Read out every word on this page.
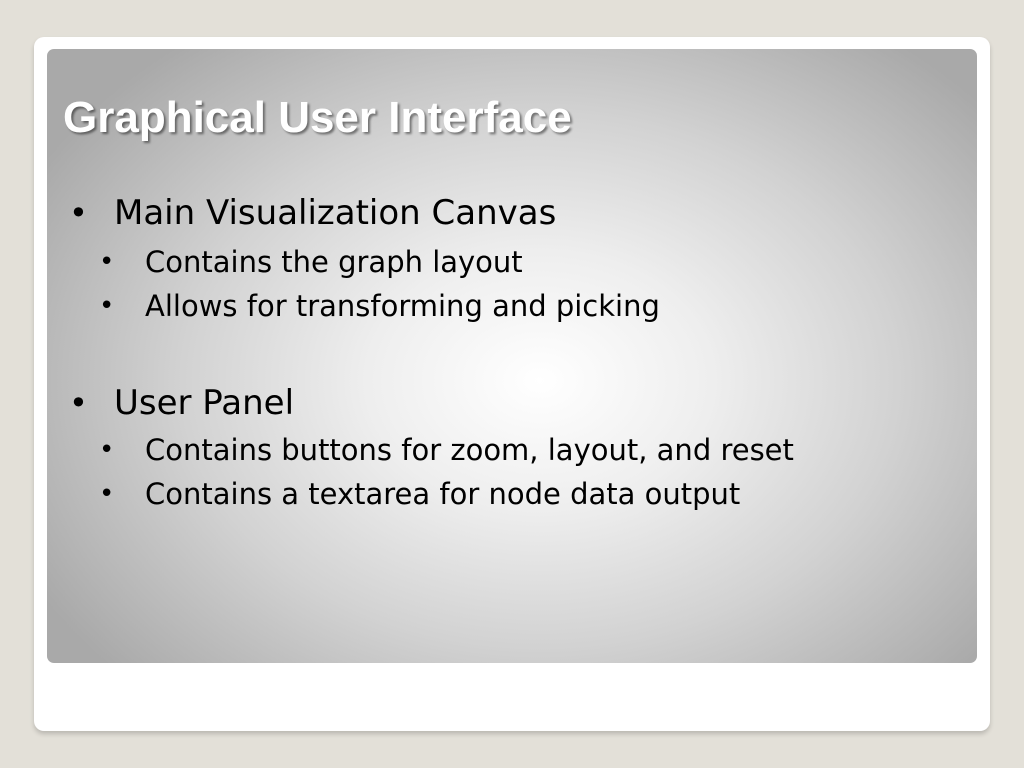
Graphical User Interface
• Main Visualization Canvas
• Contains the graph layout
• Allows for transforming and picking
• User Panel
• Contains buttons for zoom, layout, and reset
• Contains a textarea for node data output
